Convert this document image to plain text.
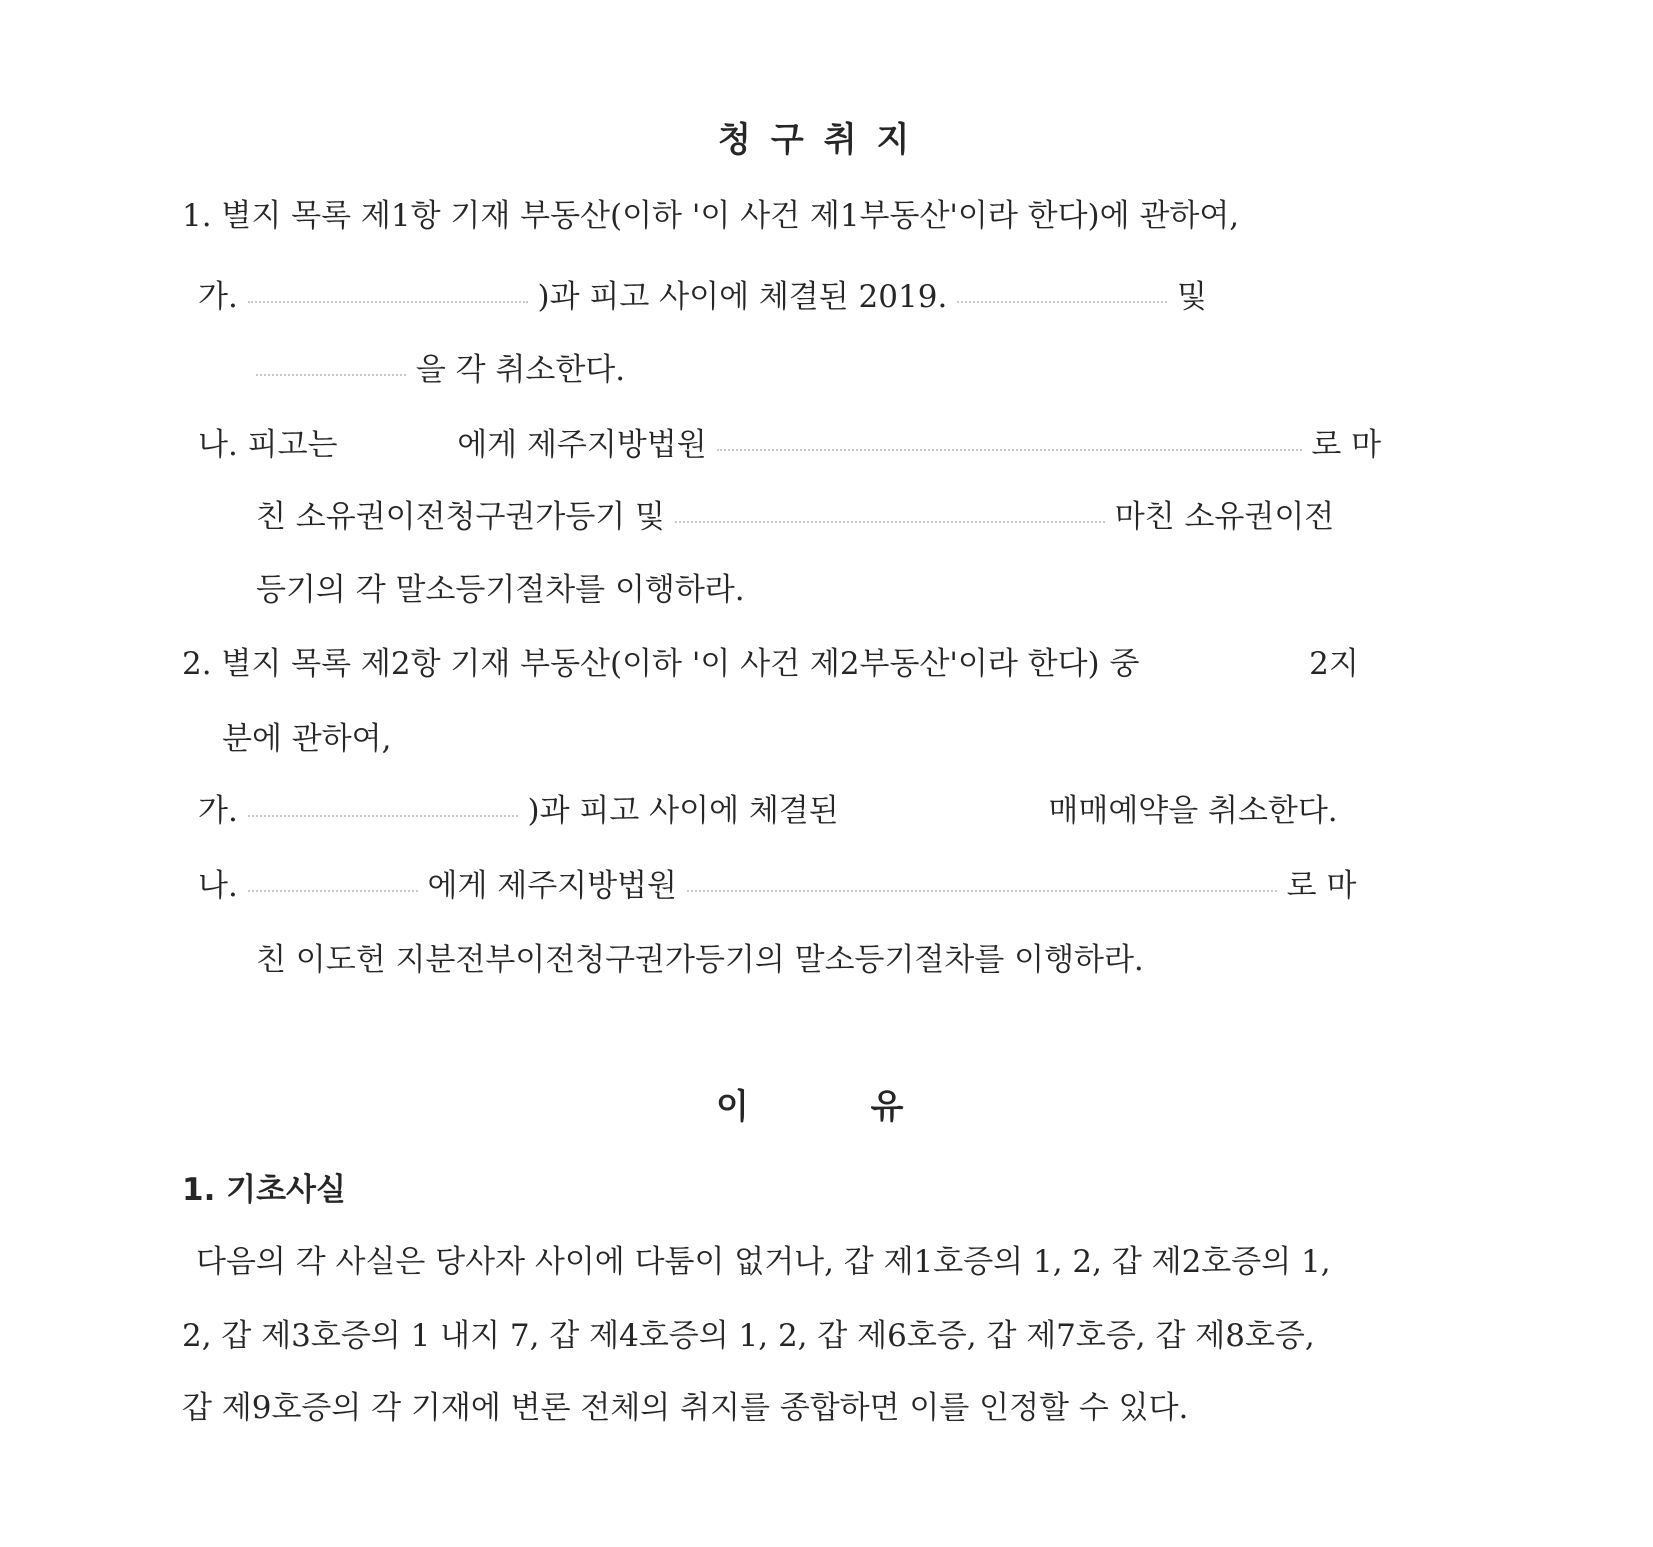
청구취지
1. 별지 목록 제1항 기재 부동산(이하 '이 사건 제1부동산'이라 한다)에 관하여,
가.	)과 피고 사이에 체결된 2019.	및
을 각 취소한다.
나. 피고는	에게 제주지방법원	로 마
친 소유권이전청구권가등기 및	마친 소유권이전
등기의 각 말소등기절차를 이행하라.
2. 별지 목록 제2항 기재 부동산(이하 '이 사건 제2부동산'이라 한다) 중	2지
분에 관하여,
가.	)과 피고 사이에 체결된	매매예약을 취소한다.
나.	에게 제주지방법원	로 마
친 이도헌 지분전부이전청구권가등기의 말소등기절차를 이행하라.
이 유
1. 기초사실
다음의 각 사실은 당사자 사이에 다툼이 없거나, 갑 제1호증의 1, 2, 갑 제2호증의 1,
2, 갑 제3호증의 1 내지 7, 갑 제4호증의 1, 2, 갑 제6호증, 갑 제7호증, 갑 제8호증,
갑 제9호증의 각 기재에 변론 전체의 취지를 종합하면 이를 인정할 수 있다.
